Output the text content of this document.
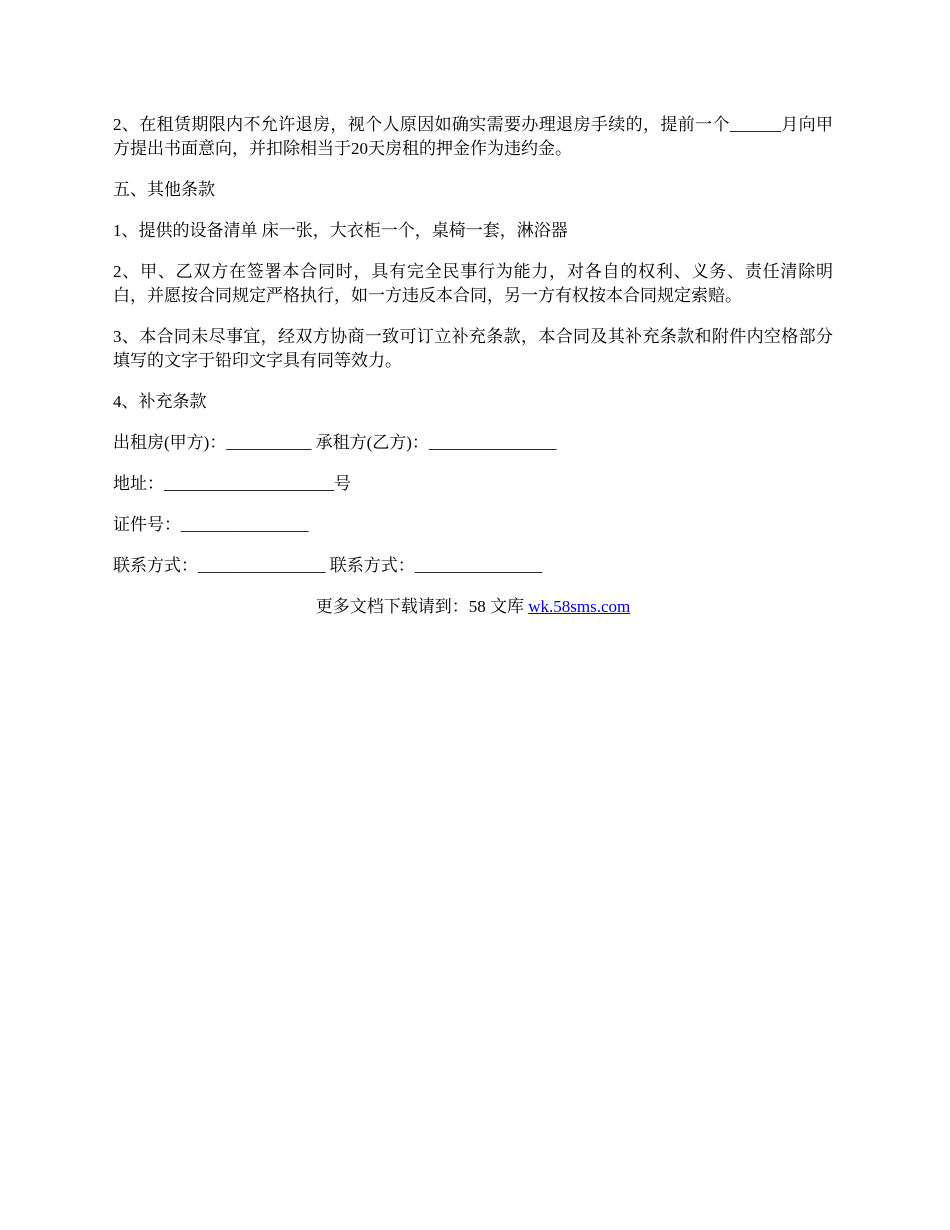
2、在租赁期限内不允许退房，视个人原因如确实需要办理退房手续的，提前一个______月向甲方提出书面意向，并扣除相当于20天房租的押金作为违约金。

五、其他条款

1、提供的设备清单 床一张，大衣柜一个，桌椅一套，淋浴器

2、甲、乙双方在签署本合同时，具有完全民事行为能力，对各自的权利、义务、责任清除明白，并愿按合同规定严格执行，如一方违反本合同，另一方有权按本合同规定索赔。

3、本合同未尽事宜，经双方协商一致可订立补充条款，本合同及其补充条款和附件内空格部分填写的文字于铅印文字具有同等效力。

4、补充条款

出租房(甲方)：__________ 承租方(乙方)：_______________

地址：____________________号

证件号：_______________

联系方式：_______________ 联系方式：_______________

更多文档下载请到：58 文库 wk.58sms.com
